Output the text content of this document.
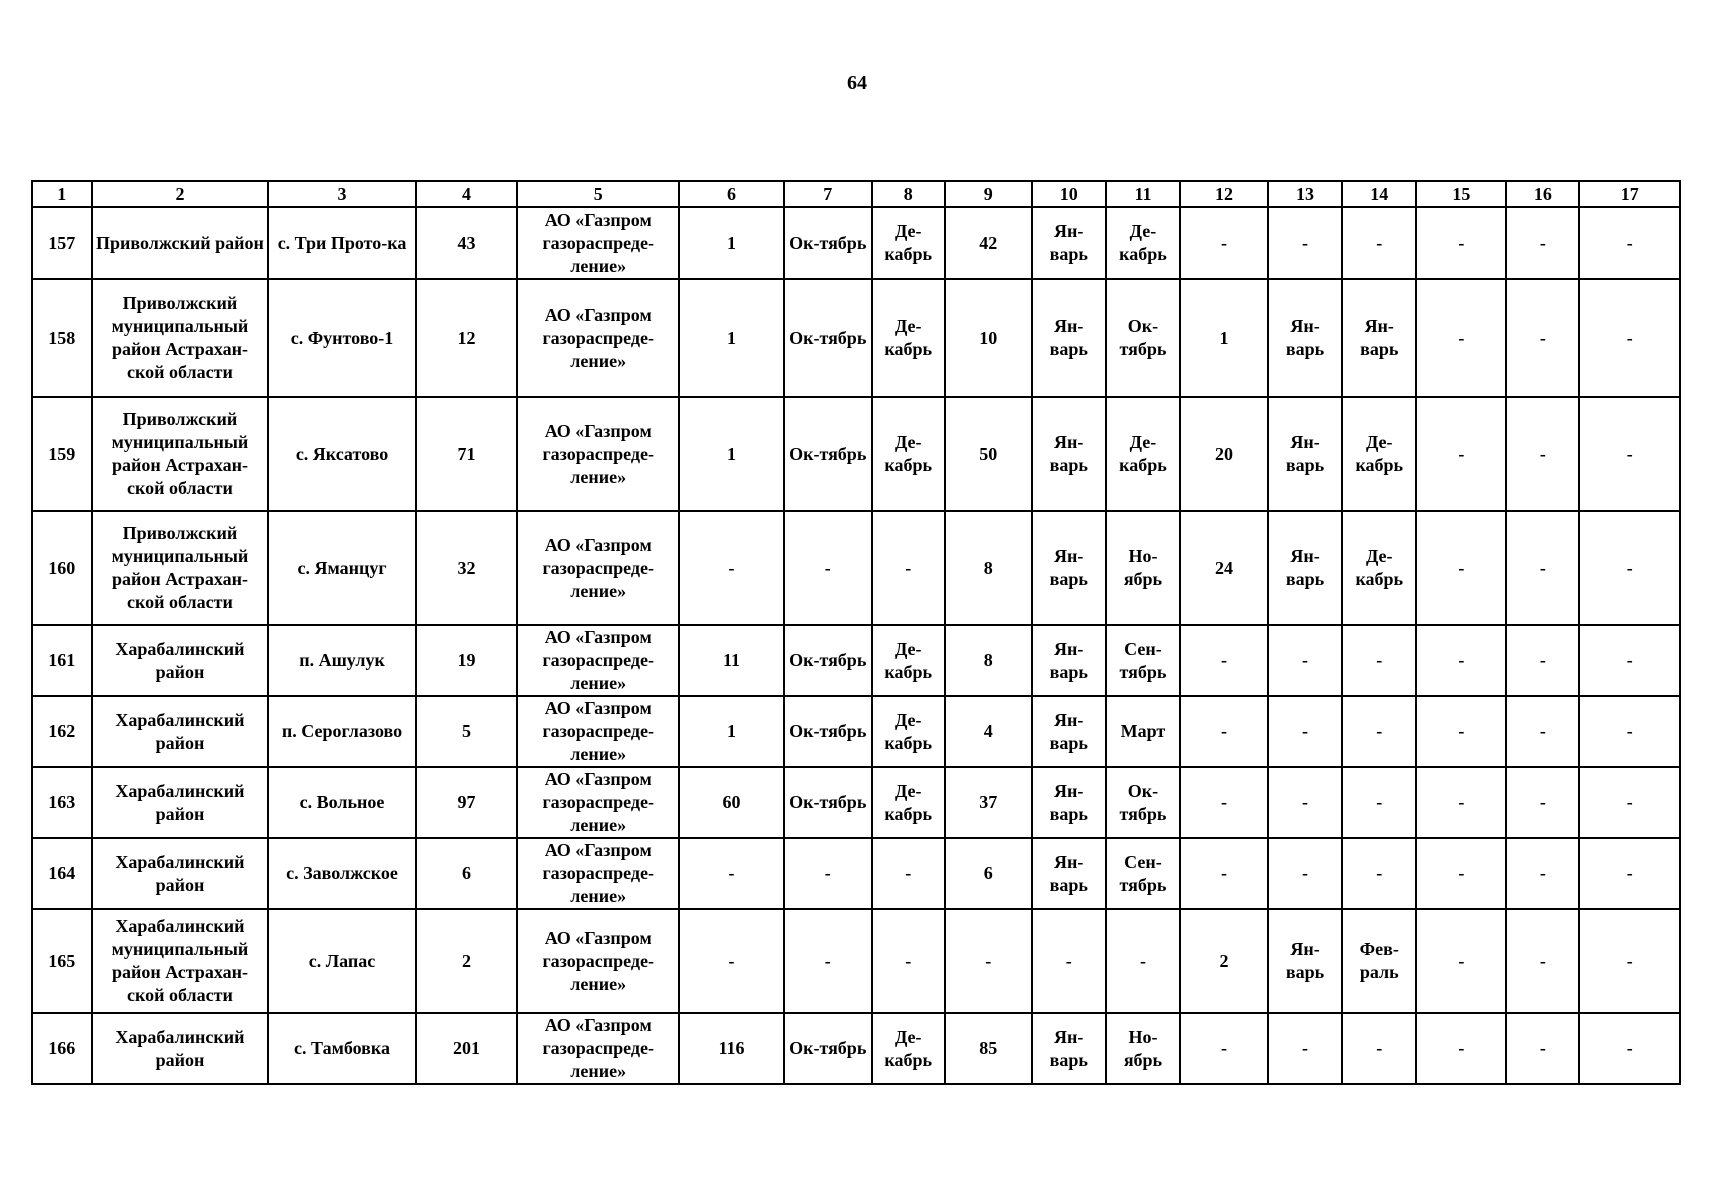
64
1	2	3	4	5	6	7	8	9	10	11	12	13	14	15	16	17
157	Приволжский район	с. Три Прото-ка	43	АО «Газпром газораспреде-ление»	1	Ок-тябрь	Де-кабрь	42	Ян-варь	Де-кабрь	-	-	-	-	-	-
158	Приволжский муниципальный район Астрахан-ской области	с. Фунтово-1	12	АО «Газпром газораспреде-ление»	1	Ок-тябрь	Де-кабрь	10	Ян-варь	Ок-тябрь	1	Ян-варь	Ян-варь	-	-	-
159	Приволжский муниципальный район Астрахан-ской области	с. Яксатово	71	АО «Газпром газораспреде-ление»	1	Ок-тябрь	Де-кабрь	50	Ян-варь	Де-кабрь	20	Ян-варь	Де-кабрь	-	-	-
160	Приволжский муниципальный район Астрахан-ской области	с. Яманцуг	32	АО «Газпром газораспреде-ление»	-	-	-	8	Ян-варь	Но-ябрь	24	Ян-варь	Де-кабрь	-	-	-
161	Харабалинский район	п. Ашулук	19	АО «Газпром газораспреде-ление»	11	Ок-тябрь	Де-кабрь	8	Ян-варь	Сен-тябрь	-	-	-	-	-	-
162	Харабалинский район	п. Сероглазово	5	АО «Газпром газораспреде-ление»	1	Ок-тябрь	Де-кабрь	4	Ян-варь	Март	-	-	-	-	-	-
163	Харабалинский район	с. Вольное	97	АО «Газпром газораспреде-ление»	60	Ок-тябрь	Де-кабрь	37	Ян-варь	Ок-тябрь	-	-	-	-	-	-
164	Харабалинский район	с. Заволжское	6	АО «Газпром газораспреде-ление»	-	-	-	6	Ян-варь	Сен-тябрь	-	-	-	-	-	-
165	Харабалинский муниципальный район Астрахан-ской области	с. Лапас	2	АО «Газпром газораспреде-ление»	-	-	-	-	-	-	2	Ян-варь	Фев-раль	-	-	-
166	Харабалинский район	с. Тамбовка	201	АО «Газпром газораспреде-ление»	116	Ок-тябрь	Де-кабрь	85	Ян-варь	Но-ябрь	-	-	-	-	-	-
